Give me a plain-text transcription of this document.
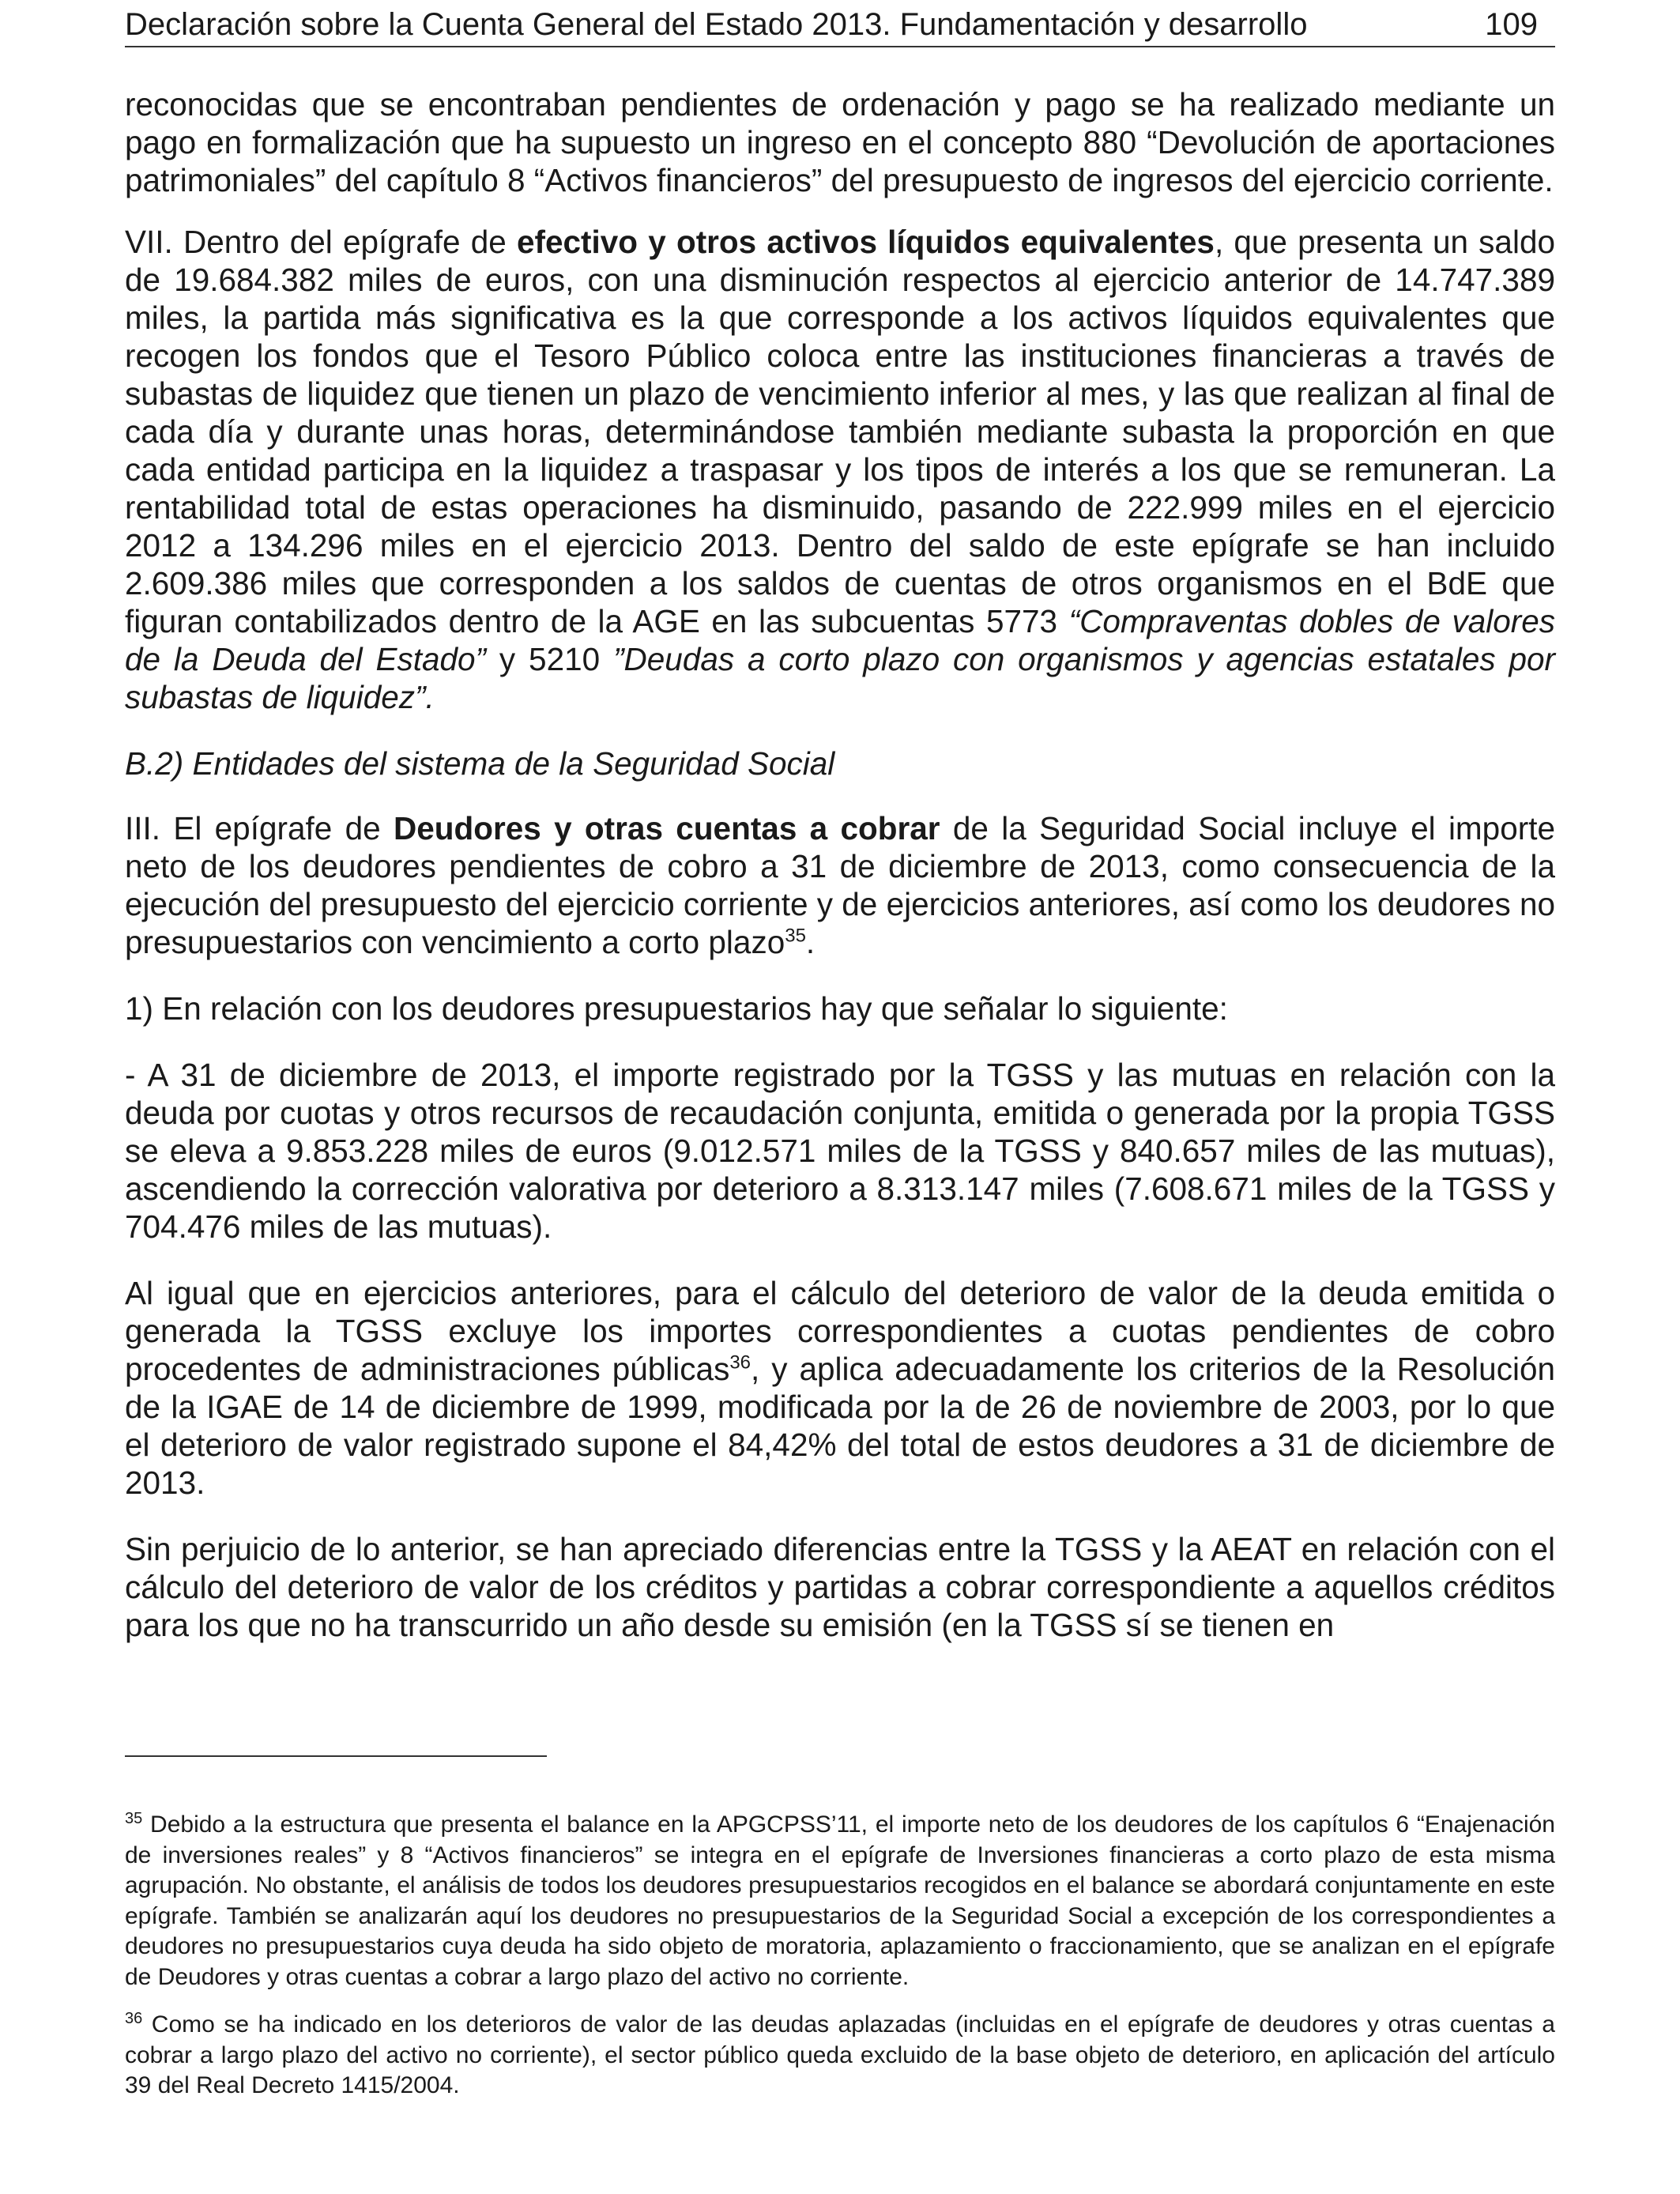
Declaración sobre la Cuenta General del Estado 2013. Fundamentación y desarrollo	109

reconocidas que se encontraban pendientes de ordenación y pago se ha realizado mediante un pago en formalización que ha supuesto un ingreso en el concepto 880 “Devolución de aportaciones patrimoniales” del capítulo 8 “Activos financieros” del presupuesto de ingresos del ejercicio corriente.

VII. Dentro del epígrafe de efectivo y otros activos líquidos equivalentes, que presenta un saldo de 19.684.382 miles de euros, con una disminución respectos al ejercicio anterior de 14.747.389 miles, la partida más significativa es la que corresponde a los activos líquidos equivalentes que recogen los fondos que el Tesoro Público coloca entre las instituciones financieras a través de subastas de liquidez que tienen un plazo de vencimiento inferior al mes, y las que realizan al final de cada día y durante unas horas, determinándose también mediante subasta la proporción en que cada entidad participa en la liquidez a traspasar y los tipos de interés a los que se remuneran. La rentabilidad total de estas operaciones ha disminuido, pasando de 222.999 miles en el ejercicio 2012 a 134.296 miles en el ejercicio 2013. Dentro del saldo de este epígrafe se han incluido 2.609.386 miles que corresponden a los saldos de cuentas de otros organismos en el BdE que figuran contabilizados dentro de la AGE en las subcuentas 5773 “Compraventas dobles de valores de la Deuda del Estado” y 5210 ”Deudas a corto plazo con organismos y agencias estatales por subastas de liquidez”.

B.2) Entidades del sistema de la Seguridad Social

III. El epígrafe de Deudores y otras cuentas a cobrar de la Seguridad Social incluye el importe neto de los deudores pendientes de cobro a 31 de diciembre de 2013, como consecuencia de la ejecución del presupuesto del ejercicio corriente y de ejercicios anteriores, así como los deudores no presupuestarios con vencimiento a corto plazo$^{35}$.

1) En relación con los deudores presupuestarios hay que señalar lo siguiente:

- A 31 de diciembre de 2013, el importe registrado por la TGSS y las mutuas en relación con la deuda por cuotas y otros recursos de recaudación conjunta, emitida o generada por la propia TGSS se eleva a 9.853.228 miles de euros (9.012.571 miles de la TGSS y 840.657 miles de las mutuas), ascendiendo la corrección valorativa por deterioro a 8.313.147 miles (7.608.671 miles de la TGSS y 704.476 miles de las mutuas).

Al igual que en ejercicios anteriores, para el cálculo del deterioro de valor de la deuda emitida o generada la TGSS excluye los importes correspondientes a cuotas pendientes de cobro procedentes de administraciones públicas$^{36}$, y aplica adecuadamente los criterios de la Resolución de la IGAE de 14 de diciembre de 1999, modificada por la de 26 de noviembre de 2003, por lo que el deterioro de valor registrado supone el 84,42% del total de estos deudores a 31 de diciembre de 2013.

Sin perjuicio de lo anterior, se han apreciado diferencias entre la TGSS y la AEAT en relación con el cálculo del deterioro de valor de los créditos y partidas a cobrar correspondiente a aquellos créditos para los que no ha transcurrido un año desde su emisión (en la TGSS sí se tienen en

$^{35}$ Debido a la estructura que presenta el balance en la APGCPSS’11, el importe neto de los deudores de los capítulos 6 “Enajenación de inversiones reales” y 8 “Activos financieros” se integra en el epígrafe de Inversiones financieras a corto plazo de esta misma agrupación. No obstante, el análisis de todos los deudores presupuestarios recogidos en el balance se abordará conjuntamente en este epígrafe. También se analizarán aquí los deudores no presupuestarios de la Seguridad Social a excepción de los correspondientes a deudores no presupuestarios cuya deuda ha sido objeto de moratoria, aplazamiento o fraccionamiento, que se analizan en el epígrafe de Deudores y otras cuentas a cobrar a largo plazo del activo no corriente.

$^{36}$ Como se ha indicado en los deterioros de valor de las deudas aplazadas (incluidas en el epígrafe de deudores y otras cuentas a cobrar a largo plazo del activo no corriente), el sector público queda excluido de la base objeto de deterioro, en aplicación del artículo 39 del Real Decreto 1415/2004.
